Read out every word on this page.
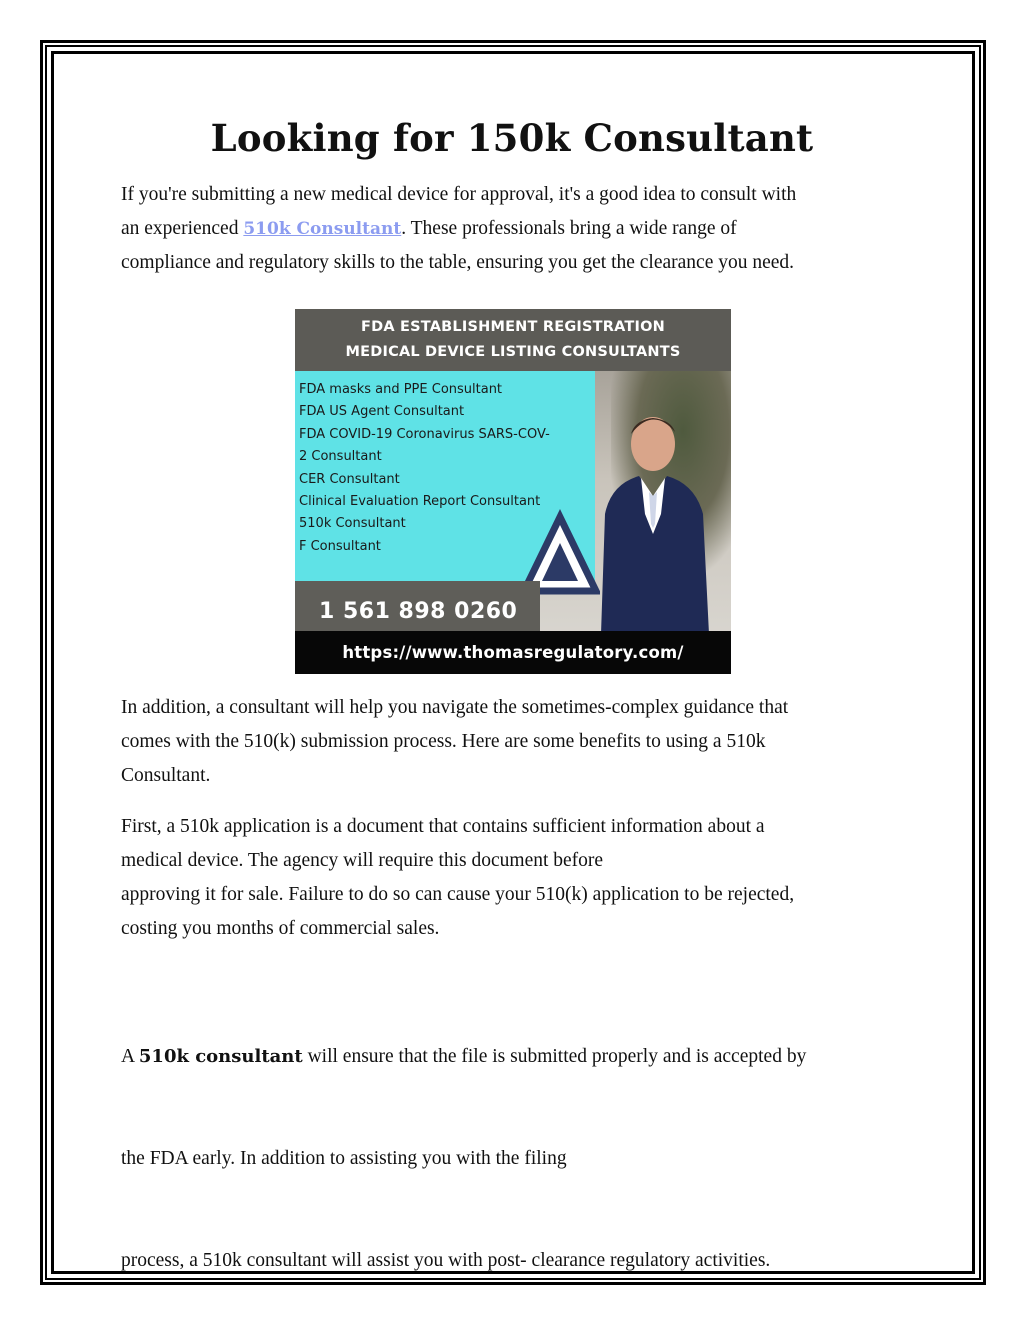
Looking for 150k Consultant

If you're submitting a new medical device for approval, it's a good idea to consult with
an experienced 510k Consultant. These professionals bring a wide range of
compliance and regulatory skills to the table, ensuring you get the clearance you need.

FDA ESTABLISHMENT REGISTRATION
MEDICAL DEVICE LISTING CONSULTANTS
FDA masks and PPE Consultant
FDA US Agent Consultant
FDA COVID-19 Coronavirus SARS-COV-
2 Consultant
CER Consultant
Clinical Evaluation Report Consultant
510k Consultant
F Consultant
1 561 898 0260
https://www.thomasregulatory.com/

In addition, a consultant will help you navigate the sometimes-complex guidance that
comes with the 510(k) submission process. Here are some benefits to using a 510k
Consultant.

First, a 510k application is a document that contains sufficient information about a
medical device. The agency will require this document before
approving it for sale. Failure to do so can cause your 510(k) application to be rejected,
costing you months of commercial sales.

A 510k consultant will ensure that the file is submitted properly and is accepted by

the FDA early. In addition to assisting you with the filing

process, a 510k consultant will assist you with post- clearance regulatory activities.
